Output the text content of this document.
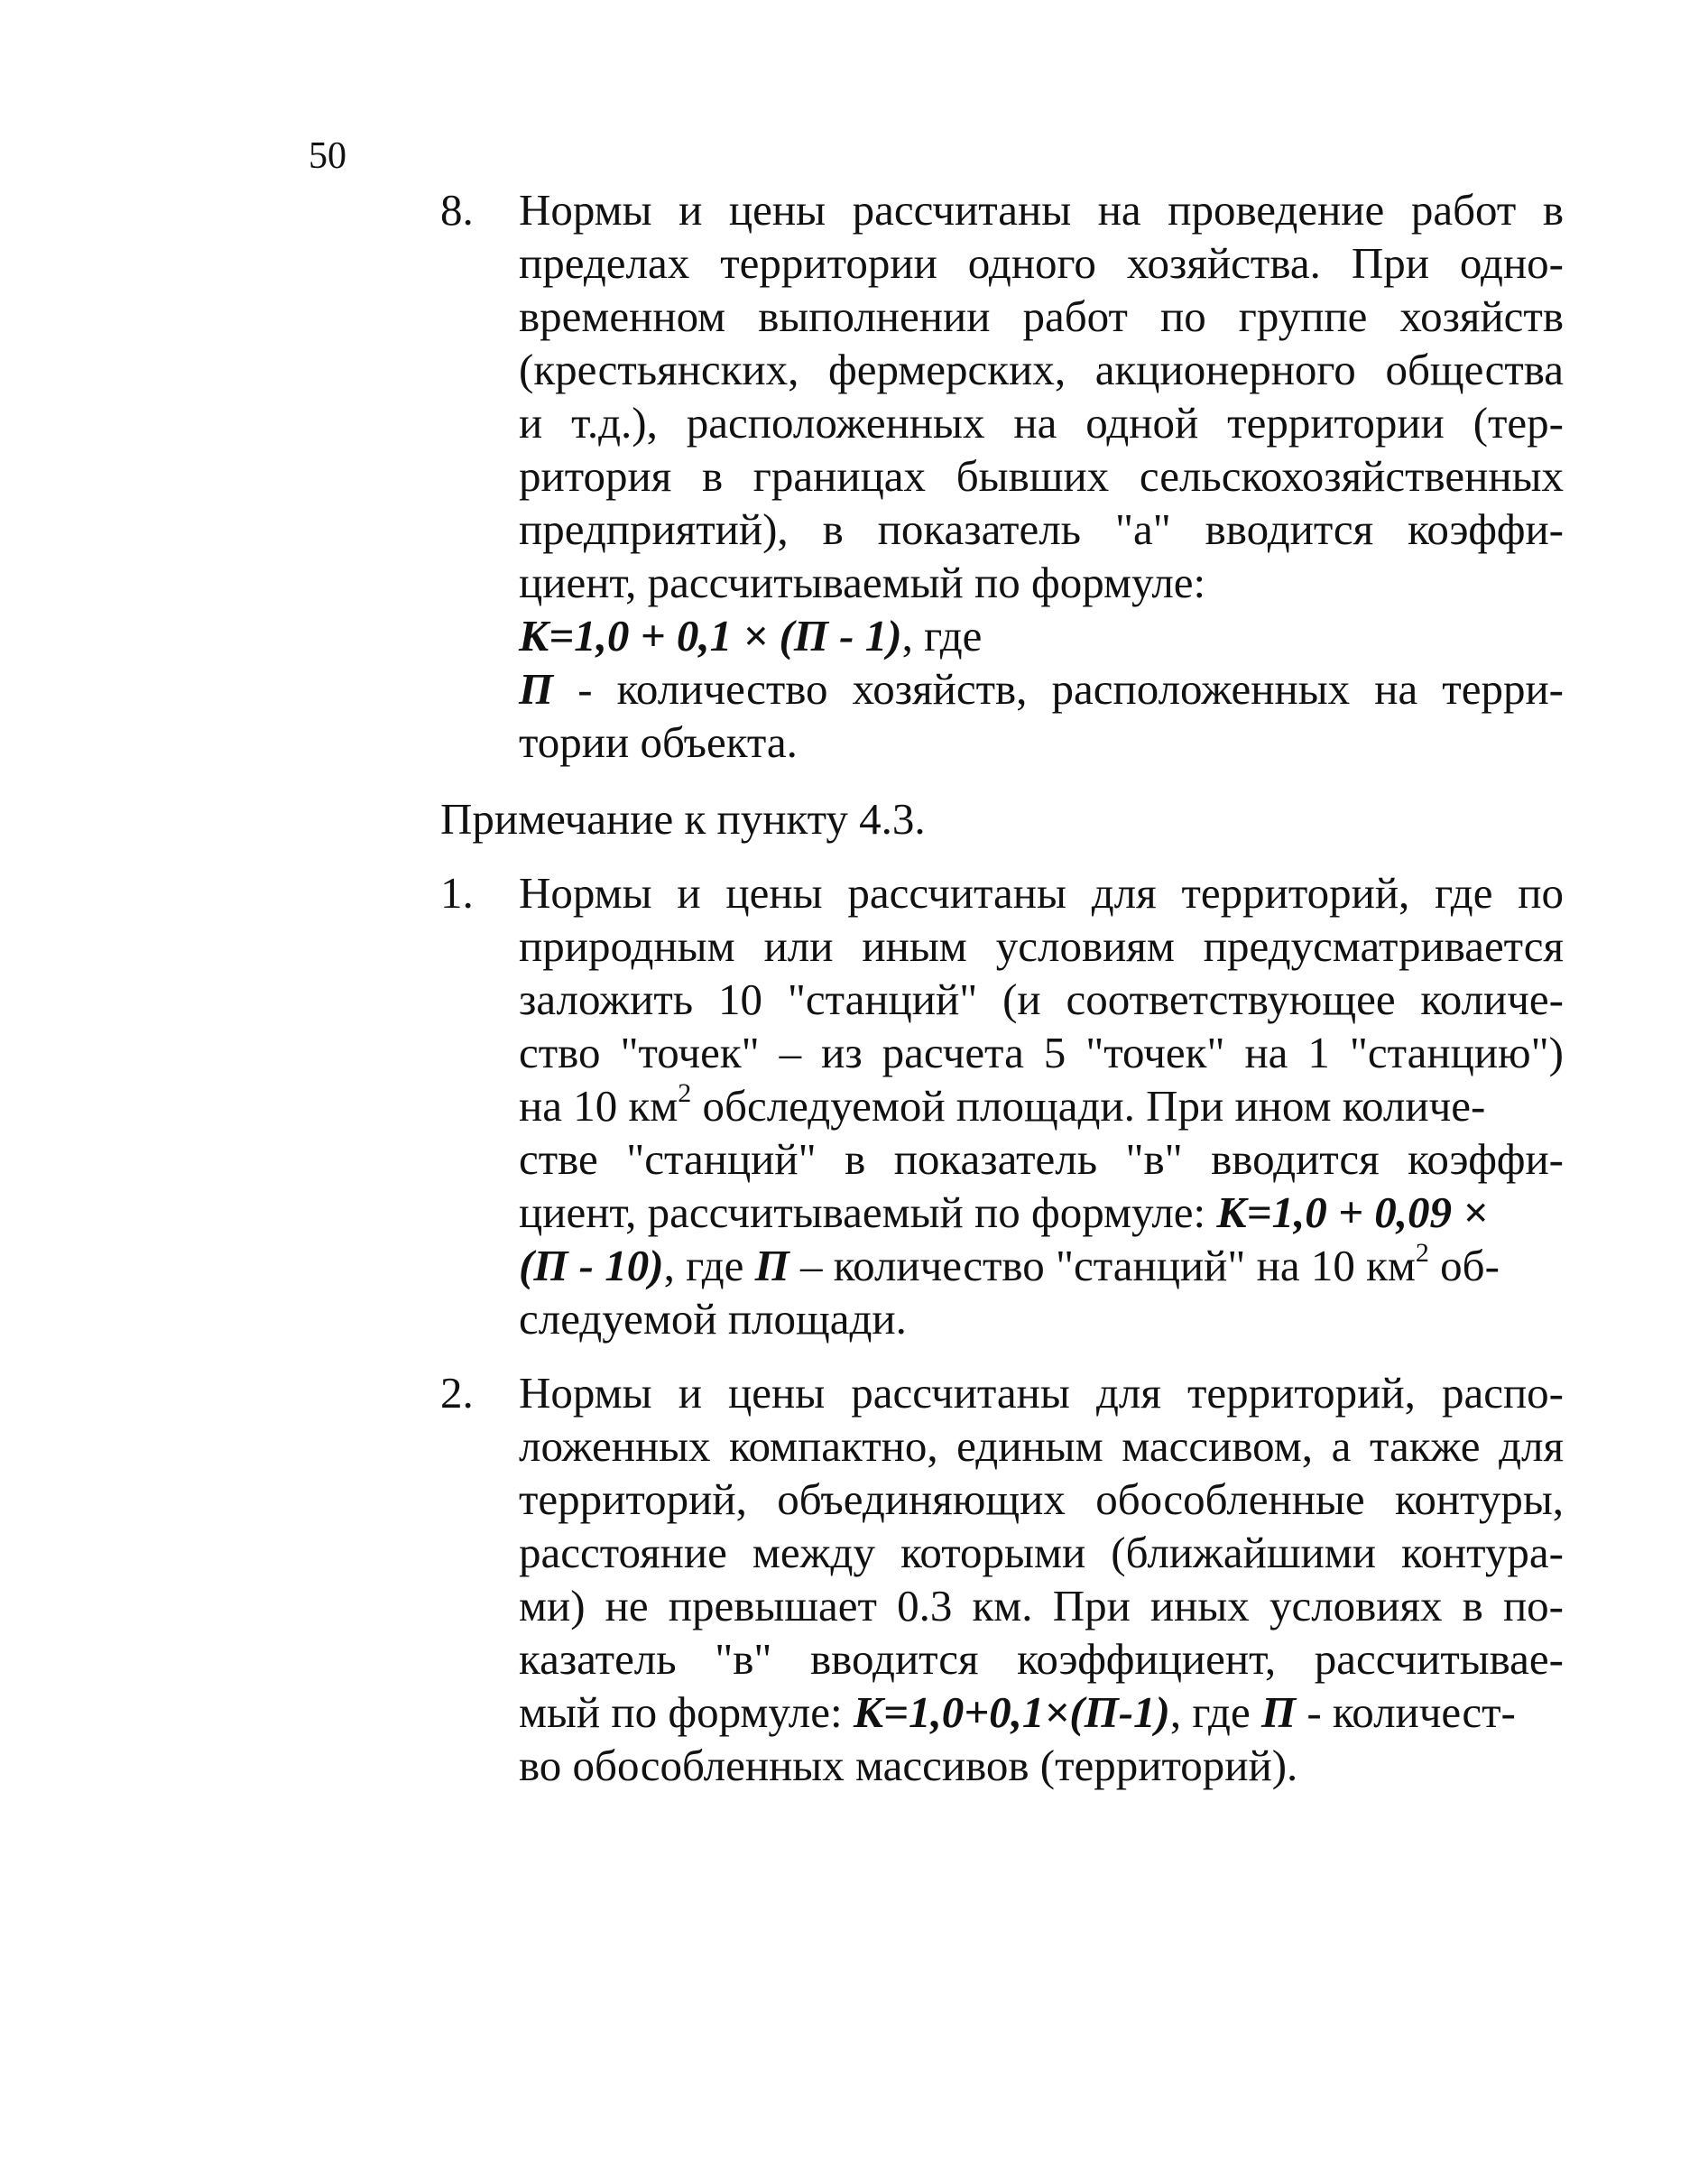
50
8. Нормы и цены рассчитаны на проведение работ в
пределах территории одного хозяйства. При одно-
временном выполнении работ по группе хозяйств
(крестьянских, фермерских, акционерного общества
и т.д.), расположенных на одной территории (тер-
ритория в границах бывших сельскохозяйственных
предприятий), в показатель "а" вводится коэффи-
циент, рассчитываемый по формуле:
К=1,0 + 0,1 × (П - 1), где
П - количество хозяйств, расположенных на терри-
тории объекта.
Примечание к пункту 4.3.
1. Нормы и цены рассчитаны для территорий, где по
природным или иным условиям предусматривается
заложить 10 "станций" (и соответствующее количе-
ство "точек" – из расчета 5 "точек" на 1 "станцию")
на 10 $км^2$ обследуемой площади. При ином количе-
стве "станций" в показатель "в" вводится коэффи-
циент, рассчитываемый по формуле: К=1,0 + 0,09 ×
(П - 10), где П – количество "станций" на 10 $км^2$ об-
следуемой площади.
2. Нормы и цены рассчитаны для территорий, распо-
ложенных компактно, единым массивом, а также для
территорий, объединяющих обособленные контуры,
расстояние между которыми (ближайшими контура-
ми) не превышает 0.3 км. При иных условиях в по-
казатель "в" вводится коэффициент, рассчитывае-
мый по формуле: К=1,0+0,1×(П-1), где П - количест-
во обособленных массивов (территорий).
